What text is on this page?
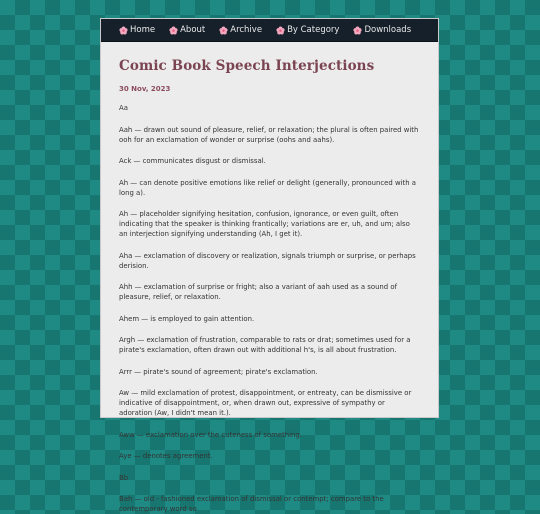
Home	About	Archive	By Category	Downloads
Comic Book Speech Interjections
30 Nov, 2023

Aa

Aah — drawn out sound of pleasure, relief, or relaxation; the plural is often paired with ooh for an exclamation of wonder or surprise (oohs and aahs).

Ack — communicates disgust or dismissal.

Ah — can denote positive emotions like relief or delight (generally, pronounced with a long a).

Ah — placeholder signifying hesitation, confusion, ignorance, or even guilt, often indicating that the speaker is thinking frantically; variations are er, uh, and um; also an interjection signifying understanding (Ah, I get it).

Aha — exclamation of discovery or realization, signals triumph or surprise, or perhaps derision.

Ahh — exclamation of surprise or fright; also a variant of aah used as a sound of pleasure, relief, or relaxation.

Ahem — is employed to gain attention.

Argh — exclamation of frustration, comparable to rats or drat; sometimes used for a pirate's exclamation, often drawn out with additional h's, is all about frustration.

Arrr — pirate's sound of agreement; pirate's exclamation.

Aw — mild exclamation of protest, disappointment, or entreaty, can be dismissive or indicative of disappointment, or, when drawn out, expressive of sympathy or adoration (Aw, I didn't mean it.).

Aww — exclamation over the cuteness of something.

Aye — denotes agreement.

Bb

Bah — old - fashioned exclamation of dismissal or contempt; compare to the contemporary word so
